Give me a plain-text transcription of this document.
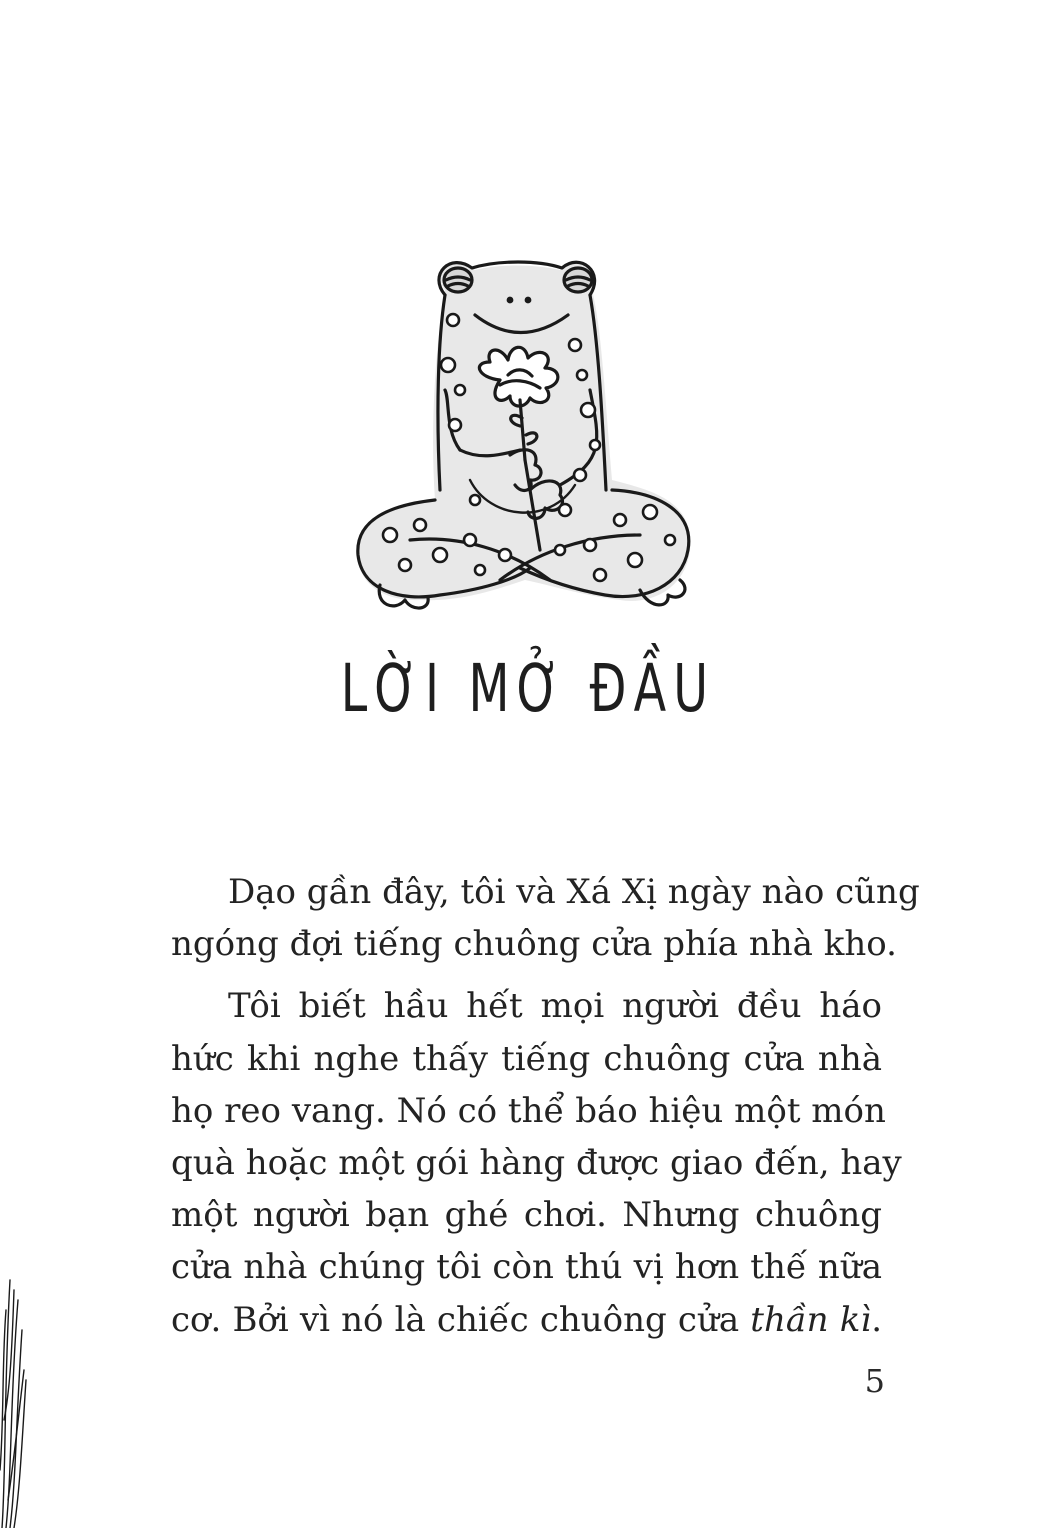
LỜI MỞ ĐẦU

Dạo gần đây, tôi và Xá Xị ngày nào cũng
ngóng đợi tiếng chuông cửa phía nhà kho.

Tôi biết hầu hết mọi người đều háo
hức khi nghe thấy tiếng chuông cửa nhà
họ reo vang. Nó có thể báo hiệu một món
quà hoặc một gói hàng được giao đến, hay
một người bạn ghé chơi. Nhưng chuông
cửa nhà chúng tôi còn thú vị hơn thế nữa
cơ. Bởi vì nó là chiếc chuông cửa thần kì.

5
